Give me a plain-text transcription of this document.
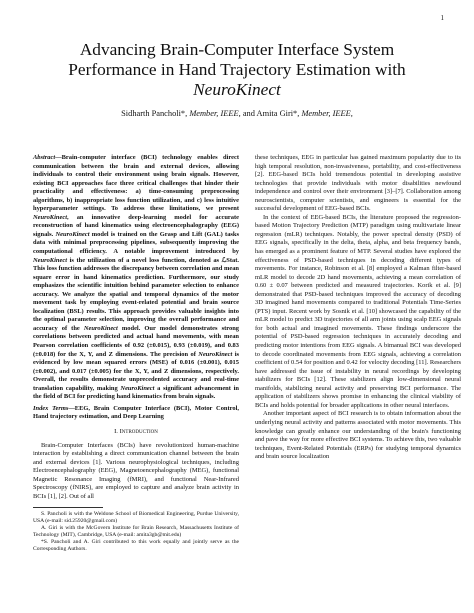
1
Advancing Brain-Computer Interface System
Performance in Hand Trajectory Estimation with
NeuroKinect
Sidharth Pancholi*, Member, IEEE, and Amita Giri*, Member, IEEE,
Abstract—Brain-computer interface (BCI) technology enables direct communication between the brain and external devices, allowing individuals to control their environment using brain signals. However, existing BCI approaches face three critical challenges that hinder their practicality and effectiveness: a) time-consuming preprocessing algorithms, b) inappropriate loss function utilization, and c) less intuitive hyperparameter settings. To address these limitations, we present NeuroKinect, an innovative deep-learning model for accurate reconstruction of hand kinematics using electroencephalography (EEG) signals. NeuroKinect model is trained on the Grasp and Lift (GAL) tasks data with minimal preprocessing pipelines, subsequently improving the computational efficiency. A notable improvement introduced by NeuroKinect is the utilization of a novel loss function, denoted as ℒStat. This loss function addresses the discrepancy between correlation and mean square error in hand kinematics prediction. Furthermore, our study emphasizes the scientific intuition behind parameter selection to enhance accuracy. We analyze the spatial and temporal dynamics of the motor movement task by employing event-related potential and brain source localization (BSL) results. This approach provides valuable insights into the optimal parameter selection, improving the overall performance and accuracy of the NeuroKinect model. Our model demonstrates strong correlations between predicted and actual hand movements, with mean Pearson correlation coefficients of 0.92 (±0.015), 0.93 (±0.019), and 0.83 (±0.018) for the X, Y, and Z dimensions. The precision of NeuroKinect is evidenced by low mean squared errors (MSE) of 0.016 (±0.001), 0.015 (±0.002), and 0.017 (±0.005) for the X, Y, and Z dimensions, respectively. Overall, the results demonstrate unprecedented accuracy and real-time translation capability, making NeuroKinect a significant advancement in the field of BCI for predicting hand kinematics from brain signals.
Index Terms—EEG, Brain Computer Interface (BCI), Motor Control, Hand trajectory estimation, and Deep Learning
I. Introduction

Brain-Computer Interfaces (BCIs) have revolutionized human-machine interaction by establishing a direct communication channel between the brain and external devices [1]. Various neurophysiological techniques, including Electroencephalography (EEG), Magnetoencephalography (MEG), functional Magnetic Resonance Imaging (fMRI), and functional Near-Infrared Spectroscopy (fNIRS), are employed to capture and analyze brain activity in BCIs [1], [2]. Out of all

S. Pancholi is with the Weldone School of Biomedical Engineering, Purdue University, USA (e-mail: sid.25920@gmail.com)

A. Giri is with the McGovern Institute for Brain Research, Massachusetts Institute of Technology (MIT), Cambridge, USA (e-mail: amita3gb@mit.edu)

*S. Pancholi and A. Giri contributed to this work equally and jointly serve as the Corresponding Authors.

these techniques, EEG in particular has gained maximum popularity due to its high temporal resolution, non-invasiveness, portability, and cost-effectiveness [2]. EEG-based BCIs hold tremendous potential in developing assistive technologies that provide individuals with motor disabilities newfound independence and control over their environment [3]–[7]. Collaboration among neuroscientists, computer scientists, and engineers is essential for the successful development of EEG-based BCIs.

In the context of EEG-based BCIs, the literature proposed the regression-based Motion Trajectory Prediction (MTP) paradigm using multivariate linear regression (mLR) techniques. Notably, the power spectral density (PSD) of EEG signals, specifically in the delta, theta, alpha, and beta frequency bands, has emerged as a prominent feature of MTP. Several studies have explored the effectiveness of PSD-based techniques in decoding different types of movements. For instance, Robinson et al. [8] employed a Kalman filter-based mLR model to decode 2D hand movements, achieving a mean correlation of 0.60 ± 0.07 between predicted and measured trajectories. Korik et al. [9] demonstrated that PSD-based techniques improved the accuracy of decoding 3D imagined hand movements compared to traditional Potentials Time-Series (PTS) input. Recent work by Sosnik et al. [10] showcased the capability of the mLR model to predict 3D trajectories of all arm joints using scalp EEG signals for both actual and imagined movements. These findings underscore the potential of PSD-based regression techniques in accurately decoding and predicting motor intentions from EEG signals. A bimanual BCI was developed to decode coordinated movements from EEG signals, achieving a correlation coefficient of 0.54 for position and 0.42 for velocity decoding [11]. Researchers have addressed the issue of instability in neural recordings by developing stabilizers for BCIs [12]. These stabilizers align low-dimensional neural manifolds, stabilizing neural activity and preserving BCI performance. The application of stabilizers shows promise in enhancing the clinical viability of BCIs and holds potential for broader applications in other neural interfaces.

Another important aspect of BCI research is to obtain information about the underlying neural activity and patterns associated with motor movements. This knowledge can greatly enhance our understanding of the brain's functioning and pave the way for more effective BCI systems. To achieve this, two valuable techniques, Event-Related Potentials (ERPs) for studying temporal dynamics and brain source localization
